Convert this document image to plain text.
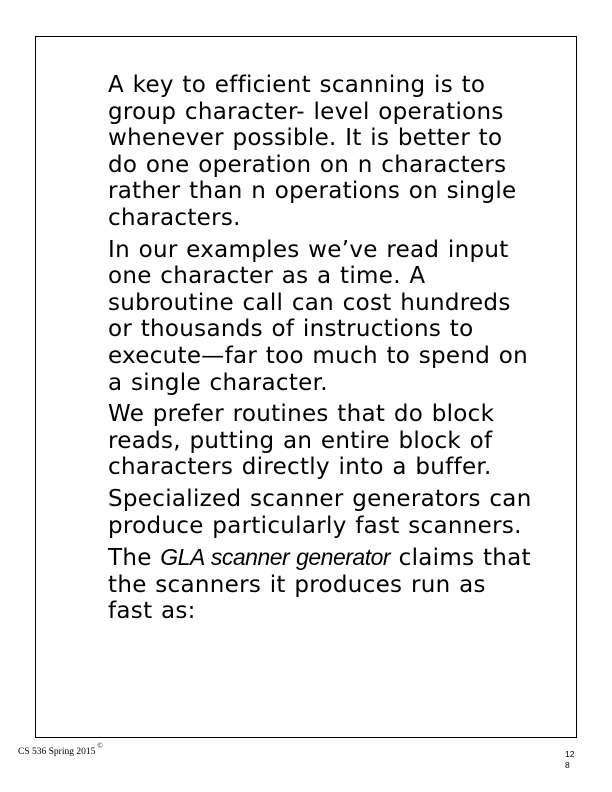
A key to efficient scanning is to group character- level operations whenever possible. It is better to do one operation on n characters rather than n operations on single characters.

In our examples we’ve read input one character as a time. A subroutine call can cost hundreds or thousands of instructions to execute—far too much to spend on a single character.

We prefer routines that do block reads, putting an entire block of characters directly into a buffer.

Specialized scanner generators can produce particularly fast scanners.

The GLA scanner generator claims that the scanners it produces run as fast as:

CS 536 Spring 2015©
12
8
